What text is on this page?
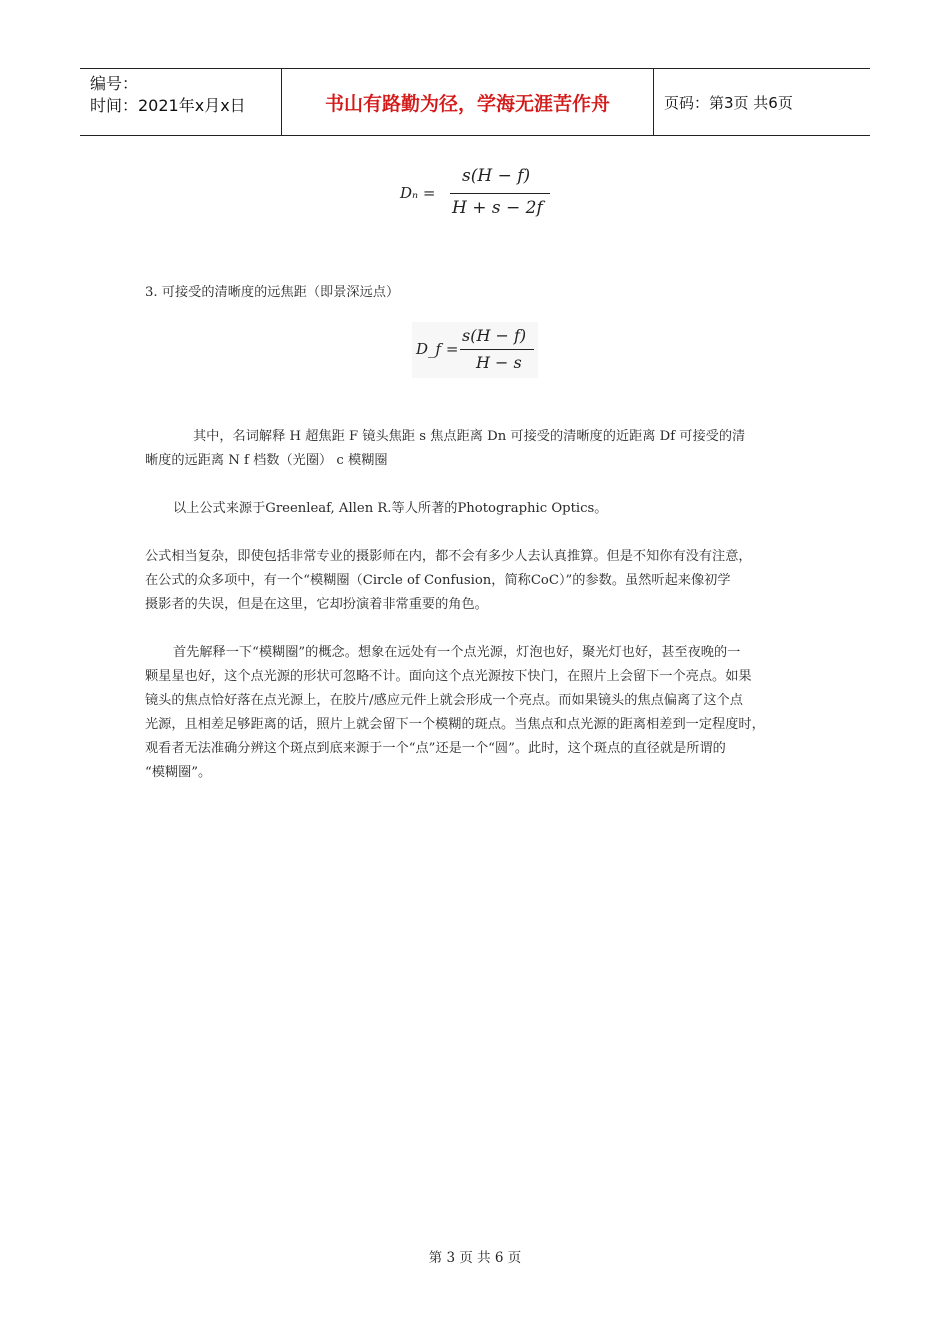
编号：
时间：2021年x月x日	书山有路勤为径，学海无涯苦作舟	页码：第3页 共6页
Dₙ =
s(H − f)
H + s − 2f
3. 可接受的清晰度的远焦距（即景深远点）
D_f =
s(H − f)
H − s
其中，名词解释 H 超焦距 F 镜头焦距 s 焦点距离 Dn 可接受的清晰度的近距离 Df 可接受的清
晰度的远距离 N f 档数（光圈） c 模糊圈
以上公式来源于Greenleaf, Allen R.等人所著的Photographic Optics。
公式相当复杂，即使包括非常专业的摄影师在内，都不会有多少人去认真推算。但是不知你有没有注意，
在公式的众多项中，有一个“模糊圈（Circle of Confusion，简称CoC）”的参数。虽然听起来像初学
摄影者的失误，但是在这里，它却扮演着非常重要的角色。
首先解释一下“模糊圈”的概念。想象在远处有一个点光源，灯泡也好，聚光灯也好，甚至夜晚的一
颗星星也好，这个点光源的形状可忽略不计。面向这个点光源按下快门，在照片上会留下一个亮点。如果
镜头的焦点恰好落在点光源上，在胶片/感应元件上就会形成一个亮点。而如果镜头的焦点偏离了这个点
光源，且相差足够距离的话，照片上就会留下一个模糊的斑点。当焦点和点光源的距离相差到一定程度时，
观看者无法准确分辨这个斑点到底来源于一个“点”还是一个“圆”。此时，这个斑点的直径就是所谓的
“模糊圈”。
第 3 页 共 6 页
